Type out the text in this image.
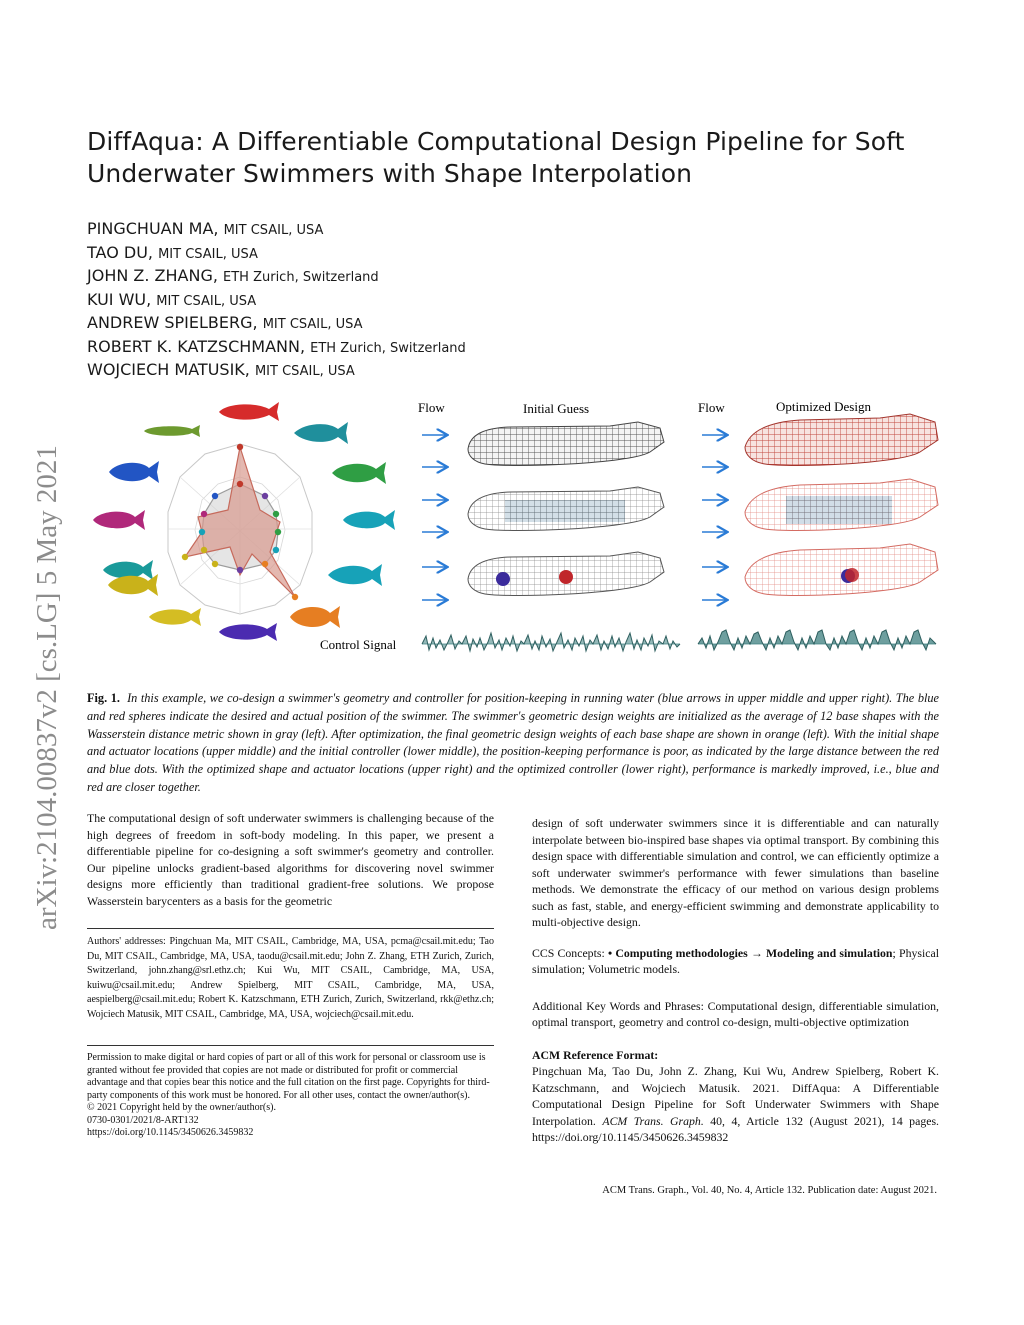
arXiv:2104.00837v2 [cs.LG] 5 May 2021
DiffAqua: A Differentiable Computational Design Pipeline for Soft
Underwater Swimmers with Shape Interpolation
PINGCHUAN MA, MIT CSAIL, USA
TAO DU, MIT CSAIL, USA
JOHN Z. ZHANG, ETH Zurich, Switzerland
KUI WU, MIT CSAIL, USA
ANDREW SPIELBERG, MIT CSAIL, USA
ROBERT K. KATZSCHMANN, ETH Zurich, Switzerland
WOJCIECH MATUSIK, MIT CSAIL, USA
Flow	Initial Guess	Flow	Optimized Design
Control Signal
Fig. 1. In this example, we co-design a swimmer's geometry and controller for position-keeping in running water (blue arrows in upper middle and upper right). The blue and red spheres indicate the desired and actual position of the swimmer. The swimmer's geometric design weights are initialized as the average of 12 base shapes with the Wasserstein distance metric shown in gray (left). After optimization, the final geometric design weights of each base shape are shown in orange (left). With the initial shape and actuator locations (upper middle) and the initial controller (lower middle), the position-keeping performance is poor, as indicated by the large distance between the red and blue dots. With the optimized shape and actuator locations (upper right) and the optimized controller (lower right), performance is markedly improved, i.e., blue and red are closer together.
The computational design of soft underwater swimmers is challenging because of the high degrees of freedom in soft-body modeling. In this paper, we present a differentiable pipeline for co-designing a soft swimmer's geometry and controller. Our pipeline unlocks gradient-based algorithms for discovering novel swimmer designs more efficiently than traditional gradient-free solutions. We propose Wasserstein barycenters as a basis for the geometric

Authors' addresses: Pingchuan Ma, MIT CSAIL, Cambridge, MA, USA, pcma@csail.mit.edu; Tao Du, MIT CSAIL, Cambridge, MA, USA, taodu@csail.mit.edu; John Z. Zhang, ETH Zurich, Zurich, Switzerland, john.zhang@srl.ethz.ch; Kui Wu, MIT CSAIL, Cambridge, MA, USA, kuiwu@csail.mit.edu; Andrew Spielberg, MIT CSAIL, Cambridge, MA, USA, aespielberg@csail.mit.edu; Robert K. Katzschmann, ETH Zurich, Zurich, Switzerland, rkk@ethz.ch; Wojciech Matusik, MIT CSAIL, Cambridge, MA, USA, wojciech@csail.mit.edu.

Permission to make digital or hard copies of part or all of this work for personal or classroom use is granted without fee provided that copies are not made or distributed for profit or commercial advantage and that copies bear this notice and the full citation on the first page. Copyrights for third-party components of this work must be honored. For all other uses, contact the owner/author(s).

© 2021 Copyright held by the owner/author(s).
0730-0301/2021/8-ART132
https://doi.org/10.1145/3450626.3459832
design of soft underwater swimmers since it is differentiable and can naturally interpolate between bio-inspired base shapes via optimal transport. By combining this design space with differentiable simulation and control, we can efficiently optimize a soft underwater swimmer's performance with fewer simulations than baseline methods. We demonstrate the efficacy of our method on various design problems such as fast, stable, and energy-efficient swimming and demonstrate applicability to multi-objective design.
CCS Concepts: • Computing methodologies → Modeling and simulation; Physical simulation; Volumetric models.
Additional Key Words and Phrases: Computational design, differentiable simulation, optimal transport, geometry and control co-design, multi-objective optimization
ACM Reference Format:
Pingchuan Ma, Tao Du, John Z. Zhang, Kui Wu, Andrew Spielberg, Robert K. Katzschmann, and Wojciech Matusik. 2021. DiffAqua: A Differentiable Computational Design Pipeline for Soft Underwater Swimmers with Shape Interpolation. ACM Trans. Graph. 40, 4, Article 132 (August 2021), 14 pages. https://doi.org/10.1145/3450626.3459832
ACM Trans. Graph., Vol. 40, No. 4, Article 132. Publication date: August 2021.
